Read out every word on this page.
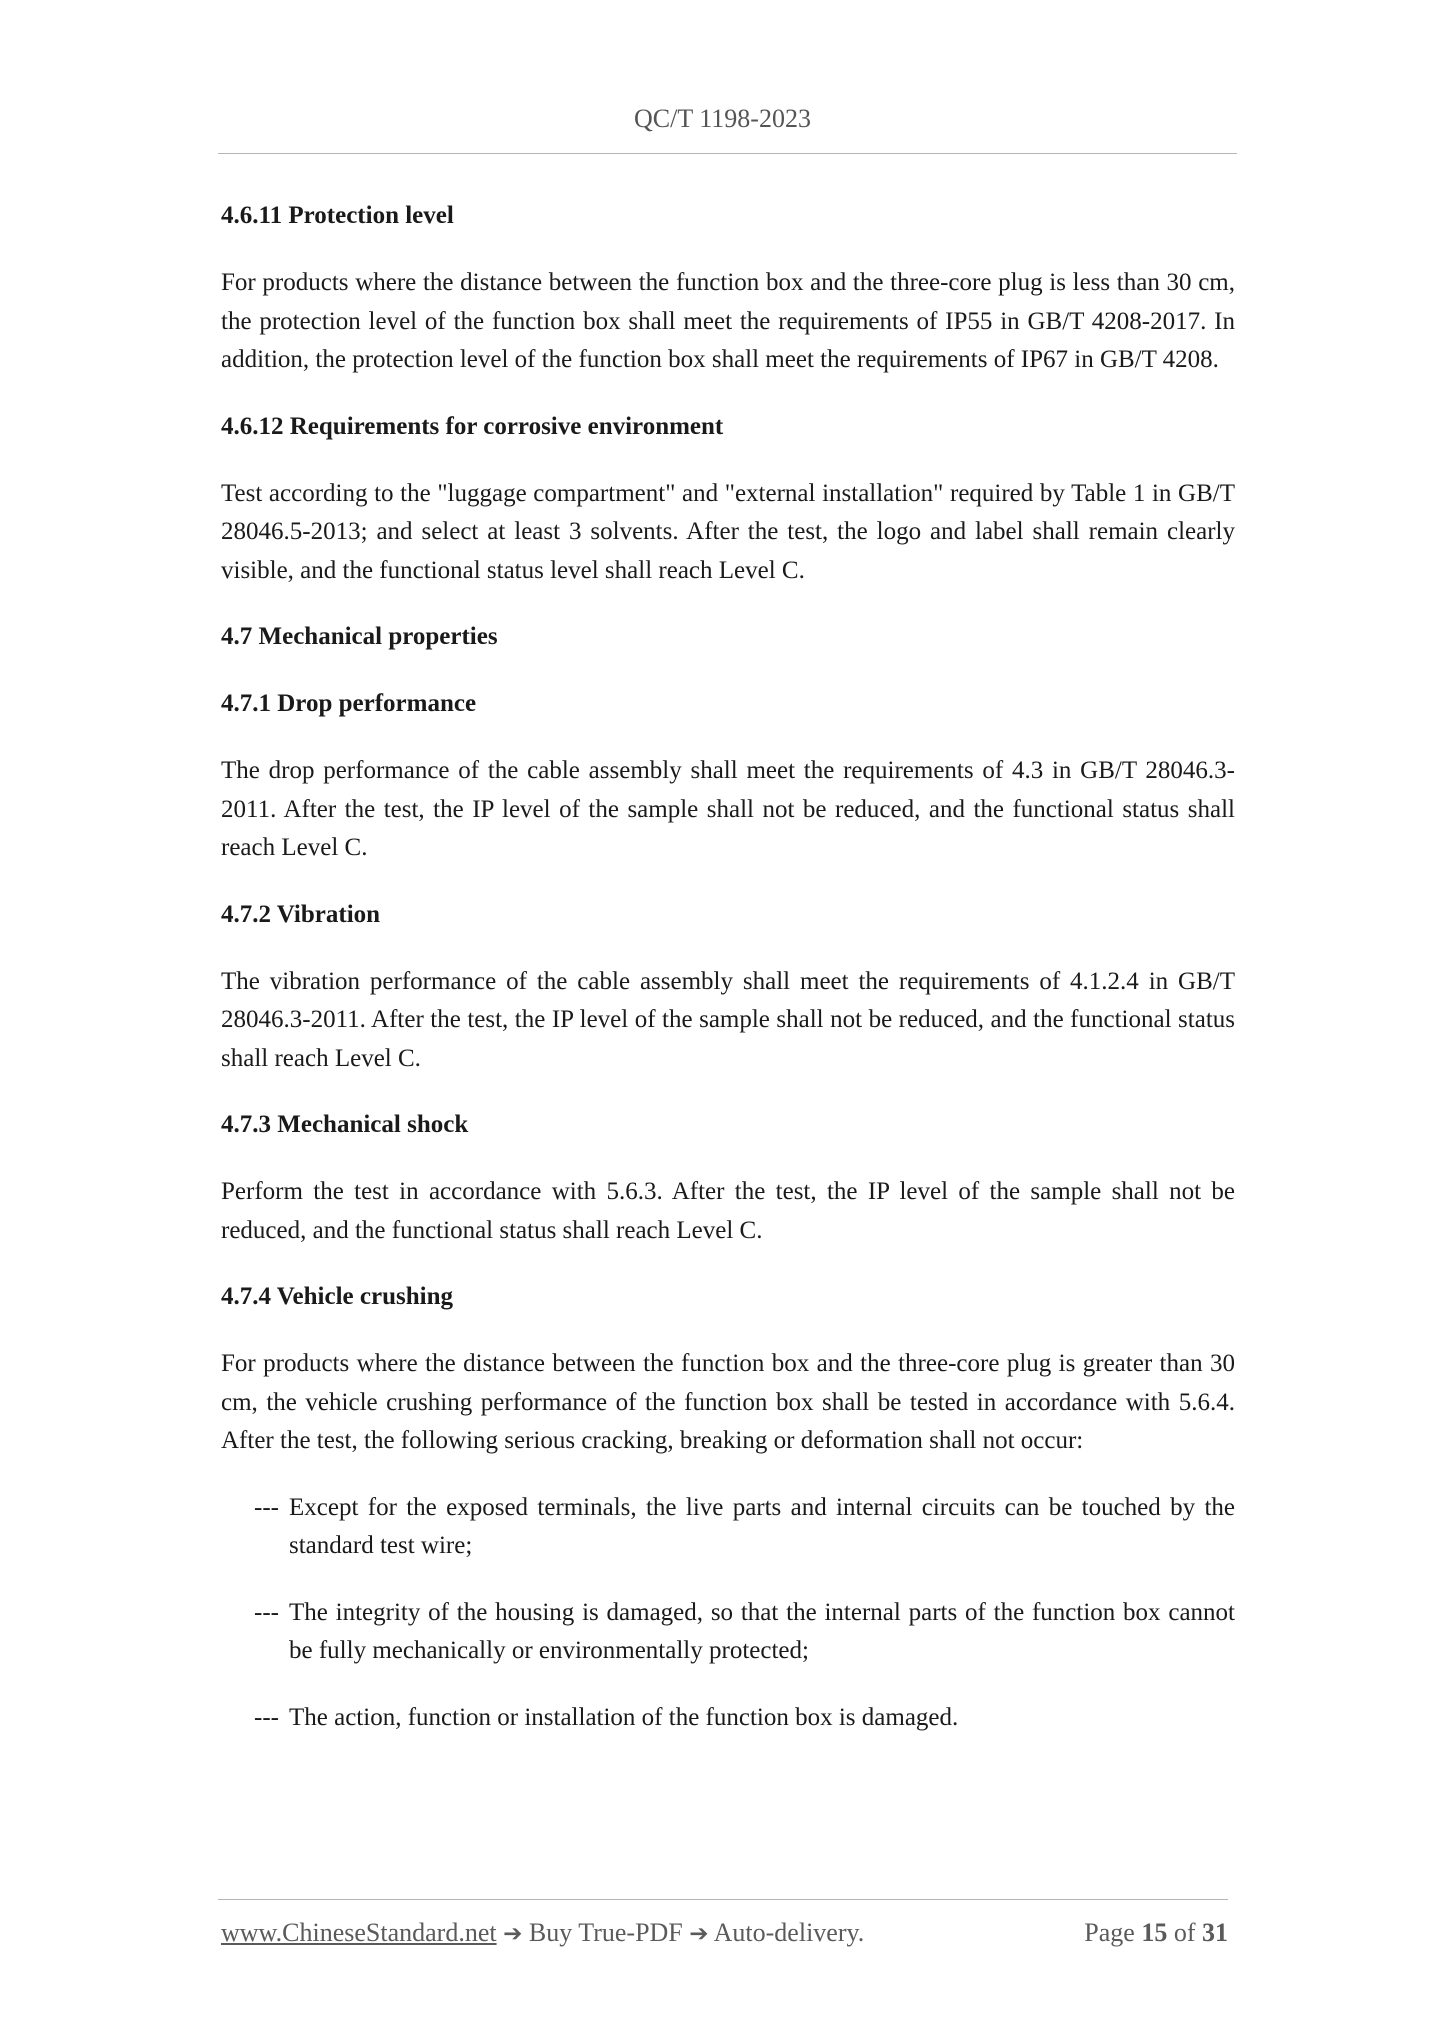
QC/T 1198-2023
4.6.11 Protection level

For products where the distance between the function box and the three-core plug is less than 30 cm, the protection level of the function box shall meet the requirements of IP55 in GB/T 4208-2017. In addition, the protection level of the function box shall meet the requirements of IP67 in GB/T 4208.

4.6.12 Requirements for corrosive environment

Test according to the "luggage compartment" and "external installation" required by Table 1 in GB/T 28046.5-2013; and select at least 3 solvents. After the test, the logo and label shall remain clearly visible, and the functional status level shall reach Level C.

4.7 Mechanical properties
4.7.1 Drop performance

The drop performance of the cable assembly shall meet the requirements of 4.3 in GB/T 28046.3-2011. After the test, the IP level of the sample shall not be reduced, and the functional status shall reach Level C.

4.7.2 Vibration

The vibration performance of the cable assembly shall meet the requirements of 4.1.2.4 in GB/T 28046.3-2011. After the test, the IP level of the sample shall not be reduced, and the functional status shall reach Level C.

4.7.3 Mechanical shock

Perform the test in accordance with 5.6.3. After the test, the IP level of the sample shall not be reduced, and the functional status shall reach Level C.

4.7.4 Vehicle crushing

For products where the distance between the function box and the three-core plug is greater than 30 cm, the vehicle crushing performance of the function box shall be tested in accordance with 5.6.4. After the test, the following serious cracking, breaking or deformation shall not occur:

--- Except for the exposed terminals, the live parts and internal circuits can be touched by the standard test wire;
--- The integrity of the housing is damaged, so that the internal parts of the function box cannot be fully mechanically or environmentally protected;
--- The action, function or installation of the function box is damaged.
www.ChineseStandard.net ➔ Buy True-PDF ➔ Auto-delivery.	Page 15 of 31
